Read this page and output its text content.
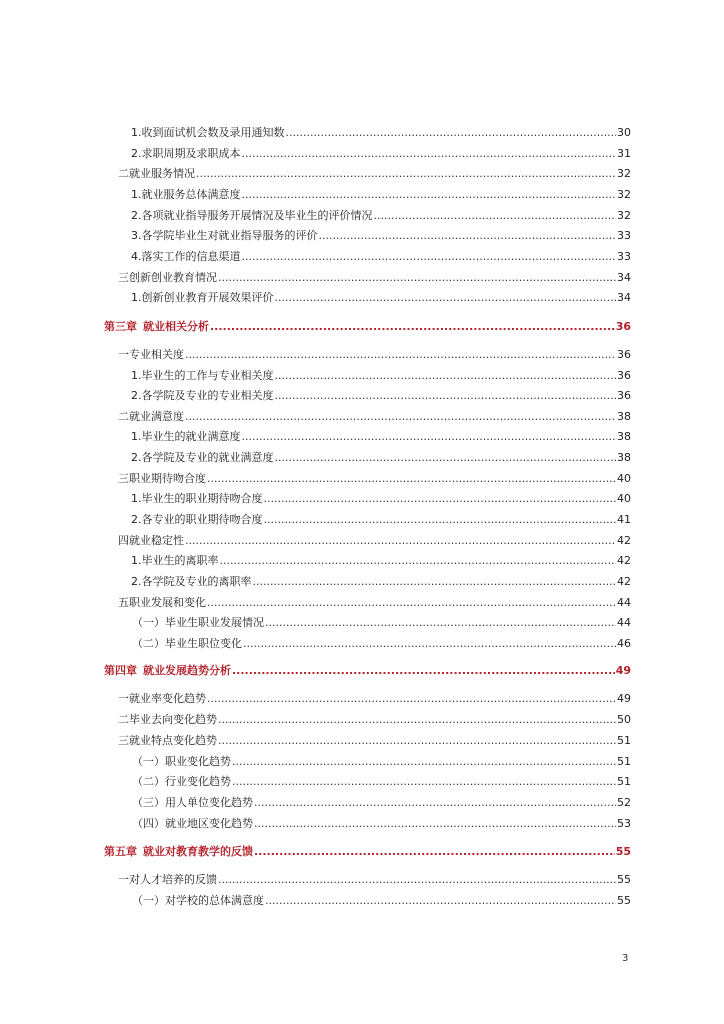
1. 收到面试机会数及录用通知数 .....	30
2. 求职周期及求职成本 .....	31
二 就业服务情况 .....	32
1. 就业服务总体满意度 .....	32
2. 各项就业指导服务开展情况及毕业生的评价情况 .....	32
3. 各学院毕业生对就业指导服务的评价 .....	33
4. 落实工作的信息渠道 .....	33
三 创新创业教育情况 .....	34
1. 创新创业教育开展效果评价 .....	34
第三章 就业相关分析 .....	36
一 专业相关度 .....	36
1. 毕业生的工作与专业相关度 .....	36
2. 各学院及专业的专业相关度 .....	36
二 就业满意度 .....	38
1. 毕业生的就业满意度 .....	38
2. 各学院及专业的就业满意度 .....	38
三 职业期待吻合度 .....	40
1. 毕业生的职业期待吻合度 .....	40
2. 各专业的职业期待吻合度 .....	41
四 就业稳定性 .....	42
1. 毕业生的离职率 .....	42
2. 各学院及专业的离职率 .....	42
五 职业发展和变化 .....	44
（一） 毕业生职业发展情况 .....	44
（二） 毕业生职位变化 .....	46
第四章 就业发展趋势分析 .....	49
一 就业率变化趋势 .....	49
二 毕业去向变化趋势 .....	50
三 就业特点变化趋势 .....	51
（一） 职业变化趋势 .....	51
（二） 行业变化趋势 .....	51
（三） 用人单位变化趋势 .....	52
（四） 就业地区变化趋势 .....	53
第五章 就业对教育教学的反馈 .....	55
一 对人才培养的反馈 .....	55
（一） 对学校的总体满意度 .....	55
3
